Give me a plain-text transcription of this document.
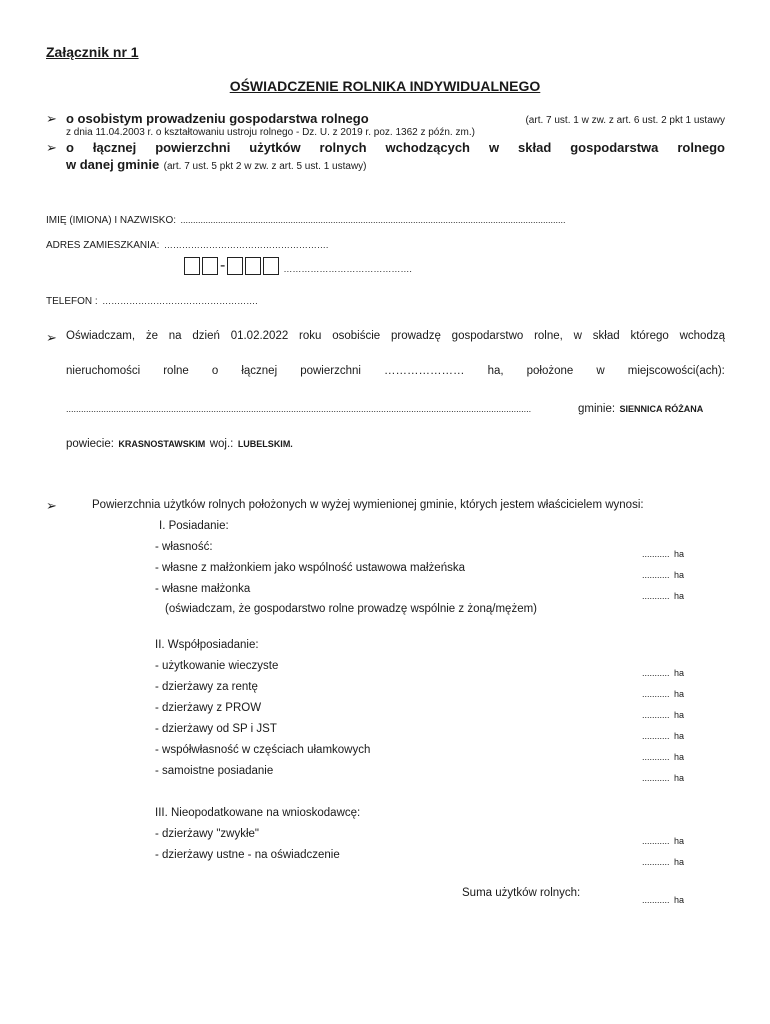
Załącznik nr 1
OŚWIADCZENIE ROLNIKA INDYWIDUALNEGO
➢ o osobistym prowadzeniu gospodarstwa rolnego	(art. 7 ust. 1 w zw. z art. 6 ust. 2 pkt 1 ustawy
z dnia 11.04.2003 r. o kształtowaniu ustroju rolnego - Dz. U. z 2019 r. poz. 1362 z późn. zm.)
➢ o łącznej powierzchni użytków rolnych wchodzących w skład gospodarstwa rolnego
w danej gminie (art. 7 ust. 5 pkt 2 w zw. z art. 5 ust. 1 ustawy)
IMIĘ (IMIONA) I NAZWISKO: ..........................................................................................................................................................
ADRES ZAMIESZKANIA: ……………………………………………….
-	…………………………………….
TELEFON : …………………………………………….
➢ Oświadczam, że na dzień 01.02.2022 roku osobiście prowadzę gospodarstwo rolne, w skład którego wchodzą
nieruchomości rolne o łącznej powierzchni ………………… ha, położone w miejscowości(ach):
..........................................................................................................................................................................................	gminie: SIENNICA RÓŻANA
powiecie: KRASNOSTAWSKIM woj.: LUBELSKIM.
➢	Powierzchnia użytków rolnych położonych w wyżej wymienionej gminie, których jestem właścicielem wynosi:
I. Posiadanie:
- własność:
........... ha
- własne z małżonkiem jako wspólność ustawowa małżeńska
........... ha
- własne małżonka
........... ha
(oświadczam, że gospodarstwo rolne prowadzę wspólnie z żoną/mężem)
II. Współposiadanie:
- użytkowanie wieczyste
........... ha
- dzierżawy za rentę
........... ha
- dzierżawy z PROW
........... ha
- dzierżawy od SP i JST
........... ha
- współwłasność w częściach ułamkowych
........... ha
- samoistne posiadanie
........... ha
III. Nieopodatkowane na wnioskodawcę:
- dzierżawy "zwykłe"
........... ha
- dzierżawy ustne - na oświadczenie
........... ha
Suma użytków rolnych:
........... ha
